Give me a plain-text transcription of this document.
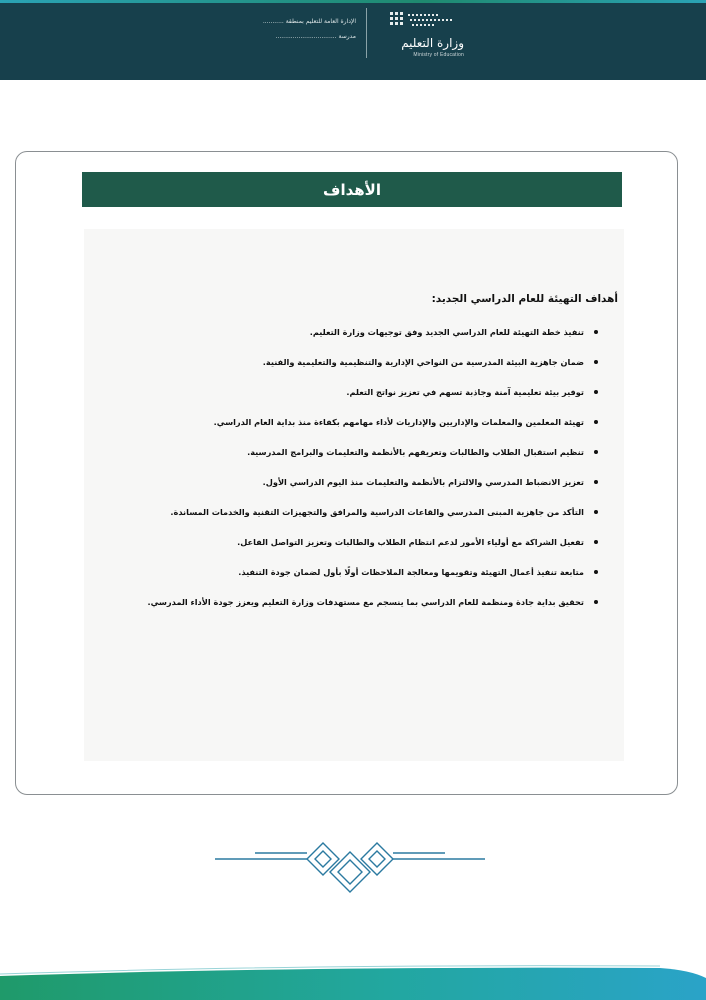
وزارة التعليم
Ministry of Education
الإدارة العامة للتعليم بمنطقة ...........
مدرسة ................................
الأهداف
أهداف التهيئة للعام الدراسي الجديد:
تنفيذ خطة التهيئة للعام الدراسي الجديد وفق توجيهات وزارة التعليم.
ضمان جاهزية البيئة المدرسية من النواحي الإدارية والتنظيمية والتعليمية والفنية.
توفير بيئة تعليمية آمنة وجاذبة تسهم في تعزيز نواتج التعلم.
تهيئة المعلمين والمعلمات والإداريين والإداريات لأداء مهامهم بكفاءة منذ بداية العام الدراسي.
تنظيم استقبال الطلاب والطالبات وتعريفهم بالأنظمة والتعليمات والبرامج المدرسية.
تعزيز الانضباط المدرسي والالتزام بالأنظمة والتعليمات منذ اليوم الدراسي الأول.
التأكد من جاهزية المبنى المدرسي والقاعات الدراسية والمرافق والتجهيزات التقنية والخدمات المساندة.
تفعيل الشراكة مع أولياء الأمور لدعم انتظام الطلاب والطالبات وتعزيز التواصل الفاعل.
متابعة تنفيذ أعمال التهيئة وتقويمها ومعالجة الملاحظات أولًا بأول لضمان جودة التنفيذ.
تحقيق بداية جادة ومنظمة للعام الدراسي بما ينسجم مع مستهدفات وزارة التعليم ويعزز جودة الأداء المدرسي.
